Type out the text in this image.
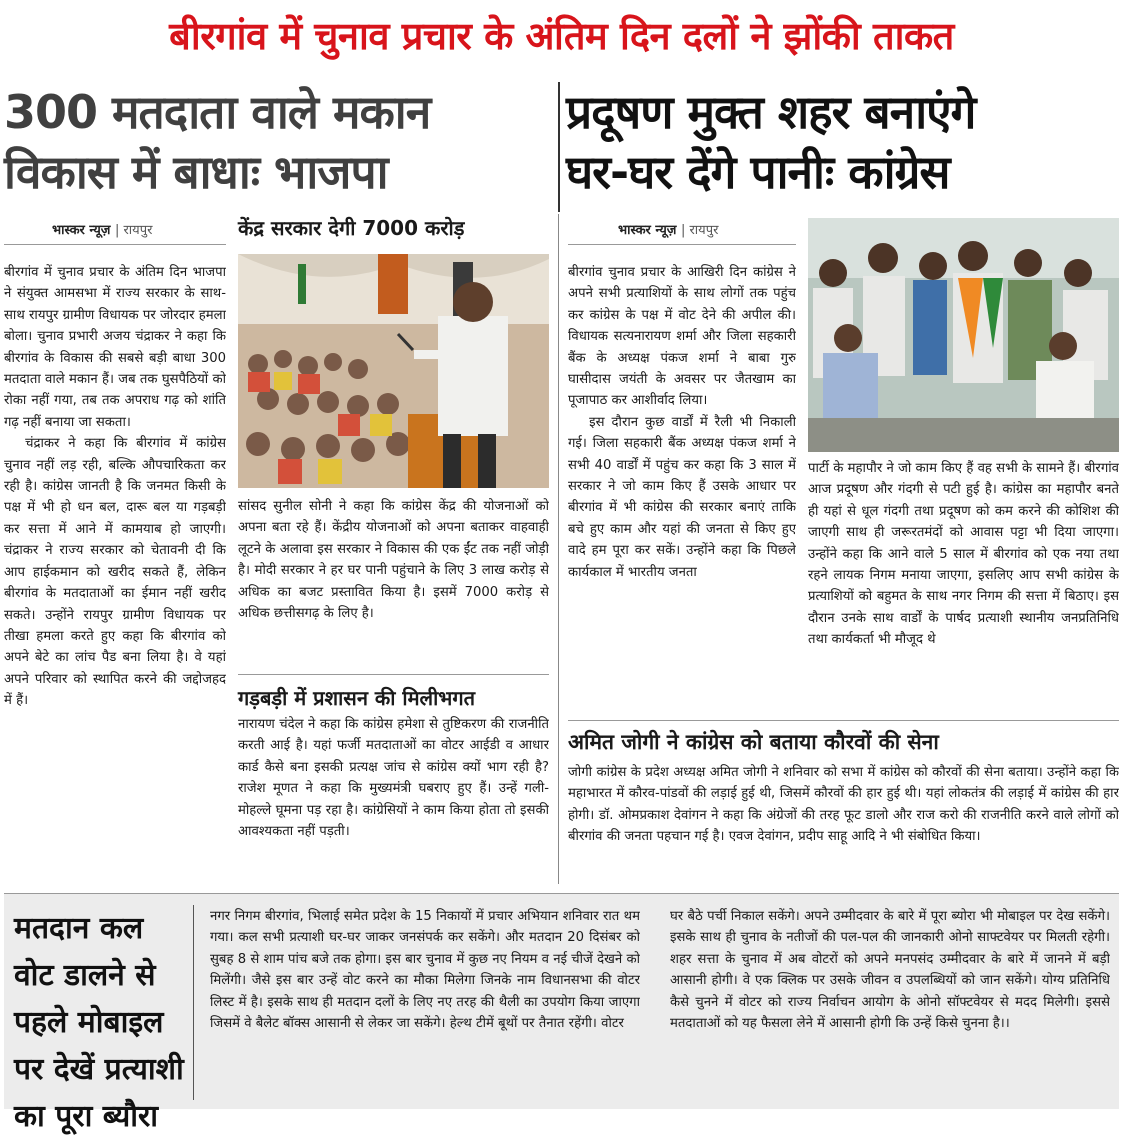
बीरगांव में चुनाव प्रचार के अंतिम दिन दलों ने झोंकी ताकत
300 मतदाता वाले मकान
विकास में बाधाः भाजपा
प्रदूषण मुक्त शहर बनाएंगे
घर-घर देंगे पानीः कांग्रेस
भास्कर न्यूज़ | रायपुर

बीरगांव में चुनाव प्रचार के अंतिम दिन भाजपा ने संयुक्त आमसभा में राज्य सरकार के साथ-साथ रायपुर ग्रामीण विधायक पर जोरदार हमला बोला। चुनाव प्रभारी अजय चंद्राकर ने कहा कि बीरगांव के विकास की सबसे बड़ी बाधा 300 मतदाता वाले मकान हैं। जब तक घुसपैठियों को रोका नहीं गया, तब तक अपराध गढ़ को शांति गढ़ नहीं बनाया जा सकता।

चंद्राकर ने कहा कि बीरगांव में कांग्रेस चुनाव नहीं लड़ रही, बल्कि औपचारिकता कर रही है। कांग्रेस जानती है कि जनमत किसी के पक्ष में भी हो धन बल, दारू बल या गड़बड़ी कर सत्ता में आने में कामयाब हो जाएगी। चंद्राकर ने राज्य सरकार को चेतावनी दी कि आप हाईकमान को खरीद सकते हैं, लेकिन बीरगांव के मतदाताओं का ईमान नहीं खरीद सकते। उन्होंने रायपुर ग्रामीण विधायक पर तीखा हमला करते हुए कहा कि बीरगांव को अपने बेटे का लांच पैड बना लिया है। वे यहां अपने परिवार को स्थापित करने की जद्दोजहद में हैं।

केंद्र सरकार देगी 7000 करोड़

सांसद सुनील सोनी ने कहा कि कांग्रेस केंद्र की योजनाओं को अपना बता रहे हैं। केंद्रीय योजनाओं को अपना बताकर वाहवाही लूटने के अलावा इस सरकार ने विकास की एक ईंट तक नहीं जोड़ी है। मोदी सरकार ने हर घर पानी पहुंचाने के लिए 3 लाख करोड़ से अधिक का बजट प्रस्तावित किया है। इसमें 7000 करोड़ से अधिक छत्तीसगढ़ के लिए है।

गड़बड़ी में प्रशासन की मिलीभगत

नारायण चंदेल ने कहा कि कांग्रेस हमेशा से तुष्टिकरण की राजनीति करती आई है। यहां फर्जी मतदाताओं का वोटर आईडी व आधार कार्ड कैसे बना इसकी प्रत्यक्ष जांच से कांग्रेस क्यों भाग रही है? राजेश मूणत ने कहा कि मुख्यमंत्री घबराए हुए हैं। उन्हें गली-मोहल्ले घूमना पड़ रहा है। कांग्रेसियों ने काम किया होता तो इसकी आवश्यकता नहीं पड़ती।

भास्कर न्यूज़ | रायपुर

बीरगांव चुनाव प्रचार के आखिरी दिन कांग्रेस ने अपने सभी प्रत्याशियों के साथ लोगों तक पहुंच कर कांग्रेस के पक्ष में वोट देने की अपील की। विधायक सत्यनारायण शर्मा और जिला सहकारी बैंक के अध्यक्ष पंकज शर्मा ने बाबा गुरु घासीदास जयंती के अवसर पर जैतखाम का पूजापाठ कर आशीर्वाद लिया।

इस दौरान कुछ वार्डों में रैली भी निकाली गई। जिला सहकारी बैंक अध्यक्ष पंकज शर्मा ने सभी 40 वार्डों में पहुंच कर कहा कि 3 साल में सरकार ने जो काम किए हैं उसके आधार पर बीरगांव में भी कांग्रेस की सरकार बनाएं ताकि बचे हुए काम और यहां की जनता से किए हुए वादे हम पूरा कर सकें। उन्होंने कहा कि पिछले कार्यकाल में भारतीय जनता

पार्टी के महापौर ने जो काम किए हैं वह सभी के सामने हैं। बीरगांव आज प्रदूषण और गंदगी से पटी हुई है। कांग्रेस का महापौर बनते ही यहां से धूल गंदगी तथा प्रदूषण को कम करने की कोशिश की जाएगी साथ ही जरूरतमंदों को आवास पट्टा भी दिया जाएगा। उन्होंने कहा कि आने वाले 5 साल में बीरगांव को एक नया तथा रहने लायक निगम मनाया जाएगा, इसलिए आप सभी कांग्रेस के प्रत्याशियों को बहुमत के साथ नगर निगम की सत्ता में बिठाए। इस दौरान उनके साथ वार्डों के पार्षद प्रत्याशी स्थानीय जनप्रतिनिधि तथा कार्यकर्ता भी मौजूद थे

अमित जोगी ने कांग्रेस को बताया कौरवों की सेना

जोगी कांग्रेस के प्रदेश अध्यक्ष अमित जोगी ने शनिवार को सभा में कांग्रेस को कौरवों की सेना बताया। उन्होंने कहा कि महाभारत में कौरव-पांडवों की लड़ाई हुई थी, जिसमें कौरवों की हार हुई थी। यहां लोकतंत्र की लड़ाई में कांग्रेस की हार होगी। डॉ. ओमप्रकाश देवांगन ने कहा कि अंग्रेजों की तरह फूट डालो और राज करो की राजनीति करने वाले लोगों को बीरगांव की जनता पहचान गई है। एवज देवांगन, प्रदीप साहू आदि ने भी संबोधित किया।

मतदान कल
वोट डालने से
पहले मोबाइल
पर देखें प्रत्याशी
का पूरा ब्यौरा

नगर निगम बीरगांव, भिलाई समेत प्रदेश के 15 निकायों में प्रचार अभियान शनिवार रात थम गया। कल सभी प्रत्याशी घर-घर जाकर जनसंपर्क कर सकेंगे। और मतदान 20 दिसंबर को सुबह 8 से शाम पांच बजे तक होगा। इस बार चुनाव में कुछ नए नियम व नई चीजें देखने को मिलेंगी। जैसे इस बार उन्हें वोट करने का मौका मिलेगा जिनके नाम विधानसभा की वोटर लिस्ट में है। इसके साथ ही मतदान दलों के लिए नए तरह की थैली का उपयोग किया जाएगा जिसमें वे बैलेट बॉक्स आसानी से लेकर जा सकेंगे। हेल्थ टीमें बूथों पर तैनात रहेंगी। वोटर

घर बैठे पर्ची निकाल सकेंगे। अपने उम्मीदवार के बारे में पूरा ब्योरा भी मोबाइल पर देख सकेंगे। इसके साथ ही चुनाव के नतीजों की पल-पल की जानकारी ओनो साफ्टवेयर पर मिलती रहेगी। शहर सत्ता के चुनाव में अब वोटरों को अपने मनपसंद उम्मीदवार के बारे में जानने में बड़ी आसानी होगी। वे एक क्लिक पर उसके जीवन व उपलब्धियों को जान सकेंगे। योग्य प्रतिनिधि कैसे चुनने में वोटर को राज्य निर्वाचन आयोग के ओनो सॉफ्टवेयर से मदद मिलेगी। इससे मतदाताओं को यह फैसला लेने में आसानी होगी कि उन्हें किसे चुनना है।।
